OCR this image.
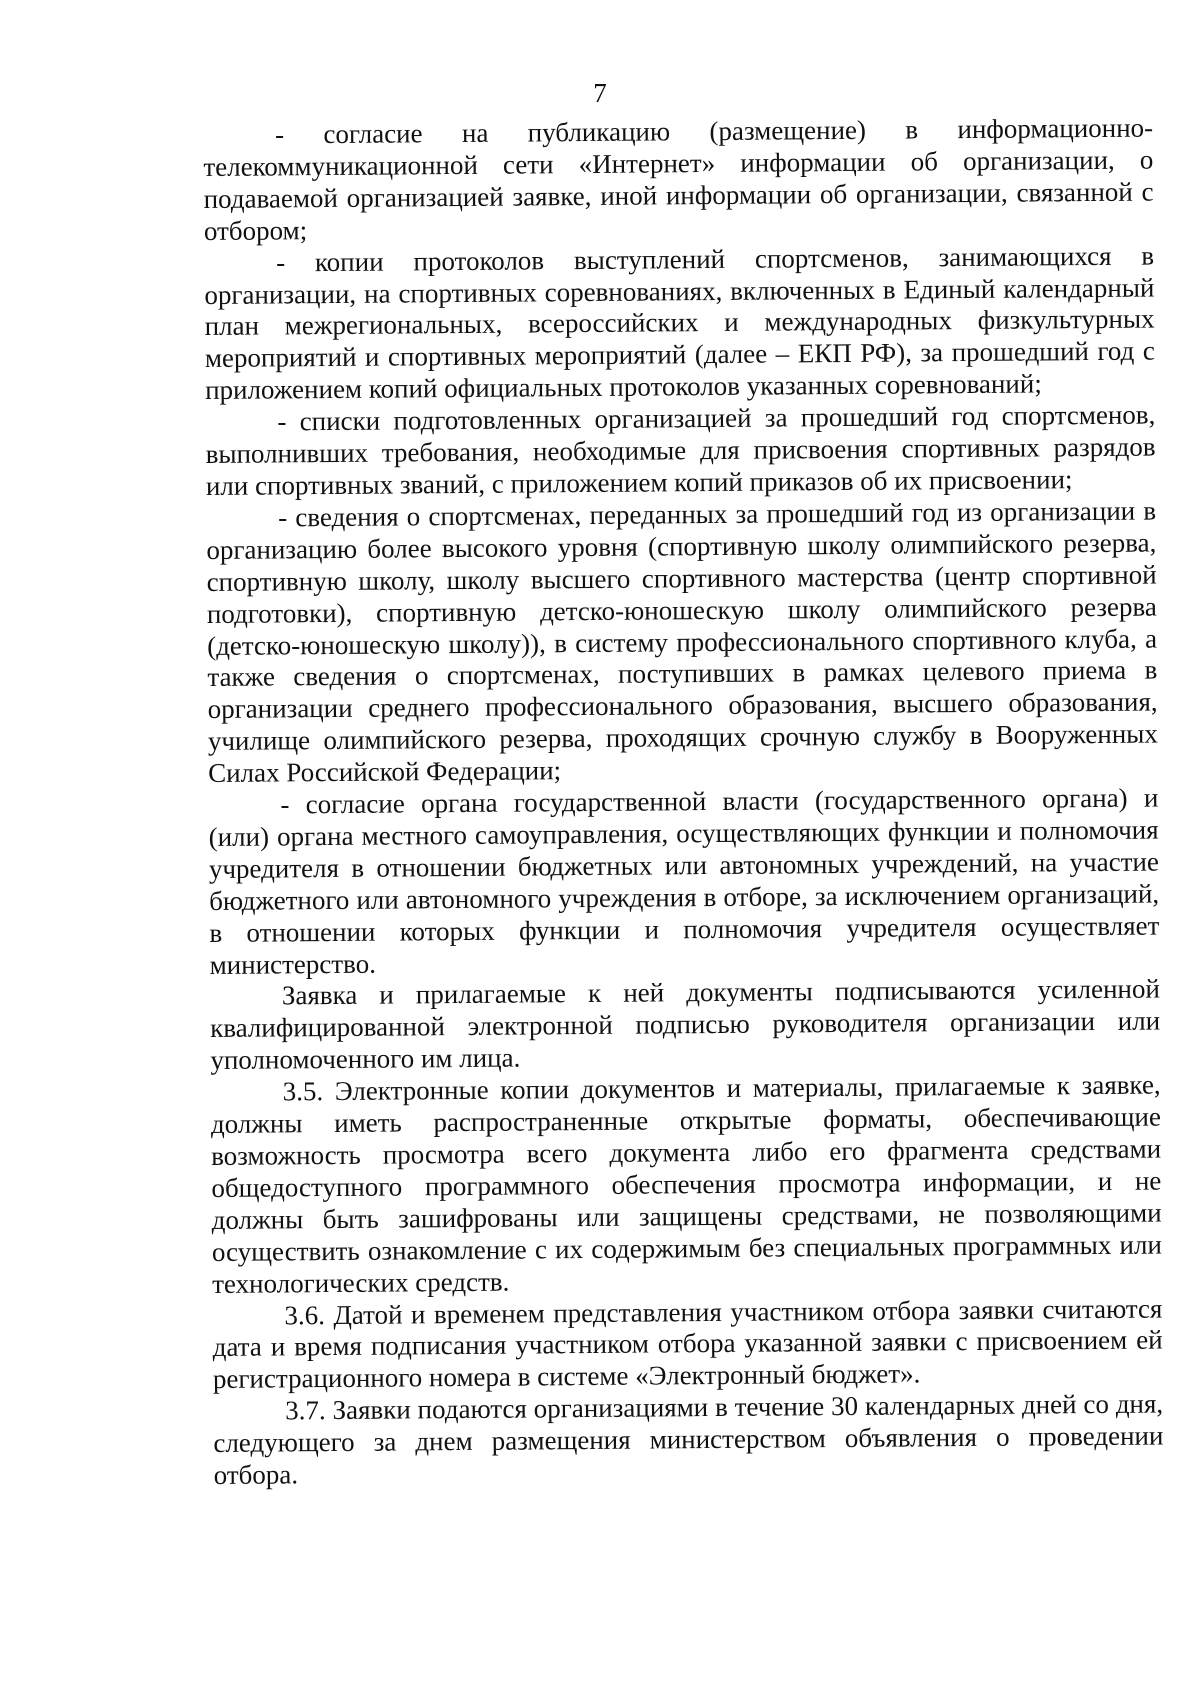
7

- согласие на публикацию (размещение) в информационно-телекоммуникационной сети «Интернет» информации об организации, о подаваемой организацией заявке, иной информации об организации, связанной с отбором;

- копии протоколов выступлений спортсменов, занимающихся в организации, на спортивных соревнованиях, включенных в Единый календарный план межрегиональных, всероссийских и международных физкультурных мероприятий и спортивных мероприятий (далее – ЕКП РФ), за прошедший год с приложением копий официальных протоколов указанных соревнований;

- списки подготовленных организацией за прошедший год спортсменов, выполнивших требования, необходимые для присвоения спортивных разрядов или спортивных званий, с приложением копий приказов об их присвоении;

- сведения о спортсменах, переданных за прошедший год из организации в организацию более высокого уровня (спортивную школу олимпийского резерва, спортивную школу, школу высшего спортивного мастерства (центр спортивной подготовки), спортивную детско-юношескую школу олимпийского резерва (детско-юношескую школу)), в систему профессионального спортивного клуба, а также сведения о спортсменах, поступивших в рамках целевого приема в организации среднего профессионального образования, высшего образования, училище олимпийского резерва, проходящих срочную службу в Вооруженных Силах Российской Федерации;

- согласие органа государственной власти (государственного органа) и (или) органа местного самоуправления, осуществляющих функции и полномочия учредителя в отношении бюджетных или автономных учреждений, на участие бюджетного или автономного учреждения в отборе, за исключением организаций, в отношении которых функции и полномочия учредителя осуществляет министерство.

Заявка и прилагаемые к ней документы подписываются усиленной квалифицированной электронной подписью руководителя организации или уполномоченного им лица.

3.5. Электронные копии документов и материалы, прилагаемые к заявке, должны иметь распространенные открытые форматы, обеспечивающие возможность просмотра всего документа либо его фрагмента средствами общедоступного программного обеспечения просмотра информации, и не должны быть зашифрованы или защищены средствами, не позволяющими осуществить ознакомление с их содержимым без специальных программных или технологических средств.

3.6. Датой и временем представления участником отбора заявки считаются дата и время подписания участником отбора указанной заявки с присвоением ей регистрационного номера в системе «Электронный бюджет».

3.7. Заявки подаются организациями в течение 30 календарных дней со дня, следующего за днем размещения министерством объявления о проведении отбора.
